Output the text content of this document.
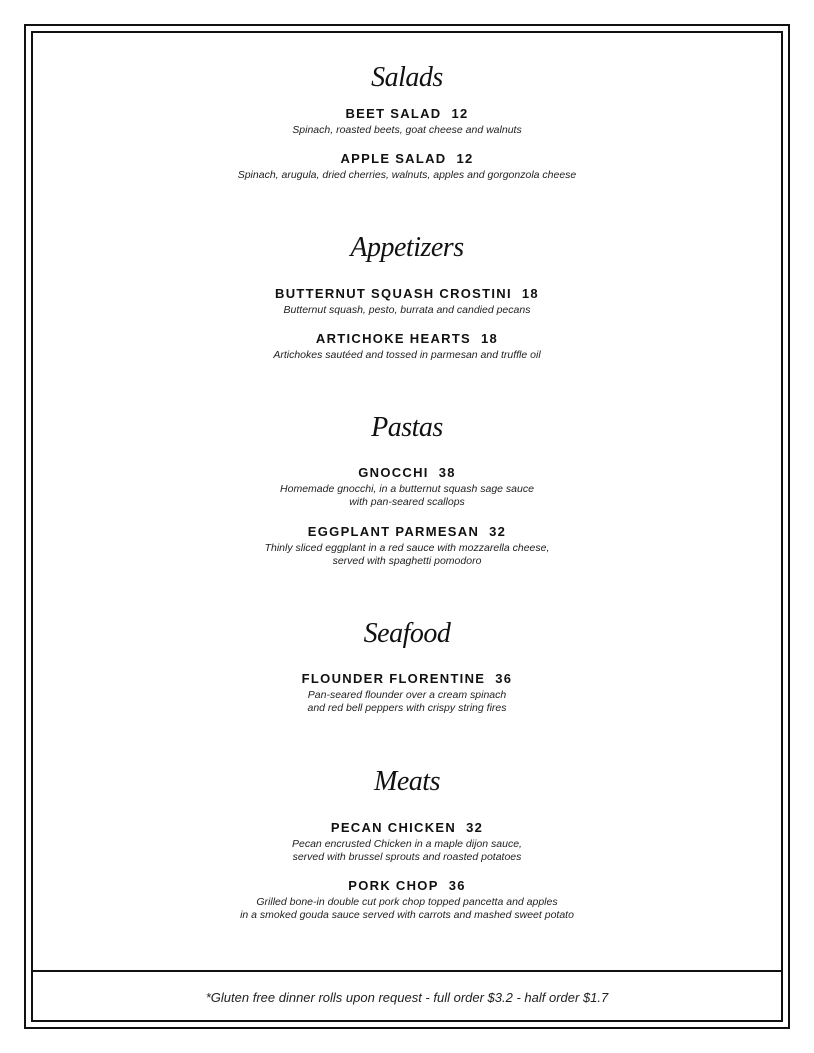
Salads
BEET SALAD 12
Spinach, roasted beets, goat cheese and walnuts
APPLE SALAD 12
Spinach, arugula, dried cherries, walnuts, apples and gorgonzola cheese
Appetizers
BUTTERNUT SQUASH CROSTINI 18
Butternut squash, pesto, burrata and candied pecans
ARTICHOKE HEARTS 18
Artichokes sautéed and tossed in parmesan and truffle oil
Pastas
GNOCCHI 38
Homemade gnocchi, in a butternut squash sage sauce
with pan-seared scallops
EGGPLANT PARMESAN 32
Thinly sliced eggplant in a red sauce with mozzarella cheese,
served with spaghetti pomodoro
Seafood
FLOUNDER FLORENTINE 36
Pan-seared flounder over a cream spinach
and red bell peppers with crispy string fires
Meats
PECAN CHICKEN 32
Pecan encrusted Chicken in a maple dijon sauce,
served with brussel sprouts and roasted potatoes
PORK CHOP 36
Grilled bone-in double cut pork chop topped pancetta and apples
in a smoked gouda sauce served with carrots and mashed sweet potato
*Gluten free dinner rolls upon request - full order $3.2 - half order $1.7
